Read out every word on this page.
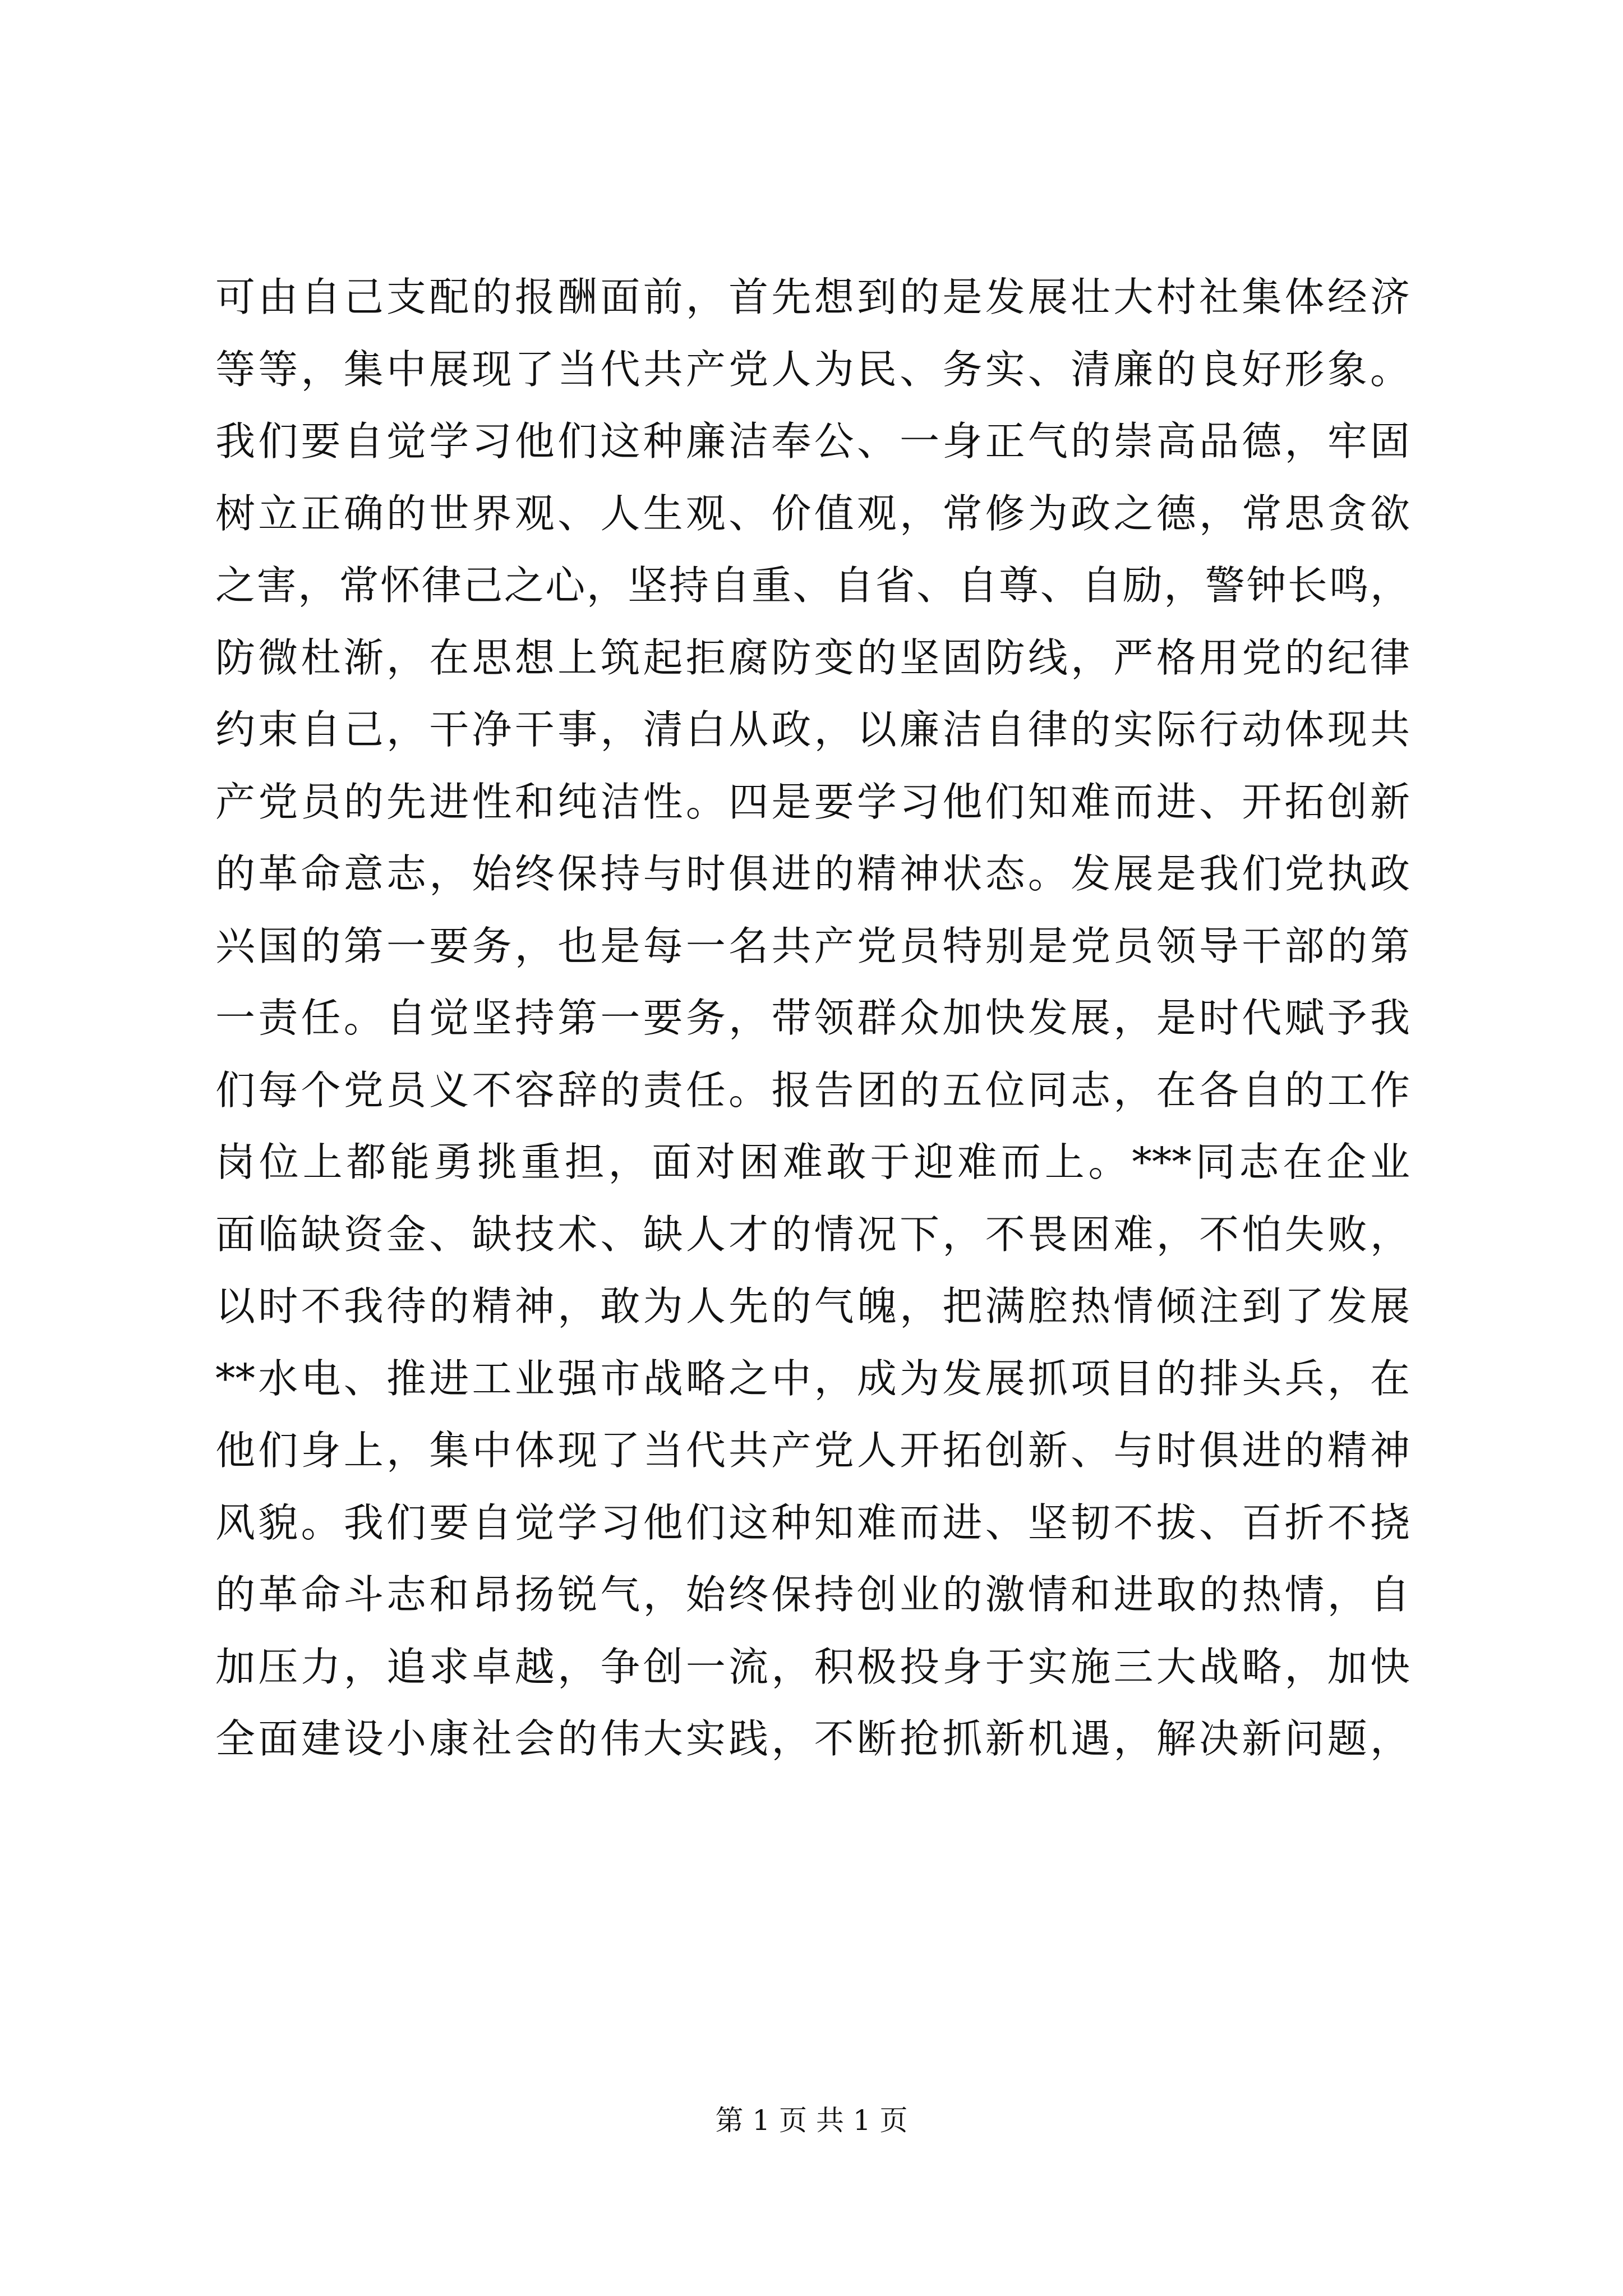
可由自己支配的报酬面前，首先想到的是发展壮大村社集体经济
等等，集中展现了当代共产党人为民、务实、清廉的良好形象。
我们要自觉学习他们这种廉洁奉公、一身正气的崇高品德，牢固
树立正确的世界观、人生观、价值观，常修为政之德，常思贪欲
之害，常怀律己之心，坚持自重、自省、自尊、自励，警钟长鸣，
防微杜渐，在思想上筑起拒腐防变的坚固防线，严格用党的纪律
约束自己，干净干事，清白从政，以廉洁自律的实际行动体现共
产党员的先进性和纯洁性。四是要学习他们知难而进、开拓创新
的革命意志，始终保持与时俱进的精神状态。发展是我们党执政
兴国的第一要务，也是每一名共产党员特别是党员领导干部的第
一责任。自觉坚持第一要务，带领群众加快发展，是时代赋予我
们每个党员义不容辞的责任。报告团的五位同志，在各自的工作
岗位上都能勇挑重担，面对困难敢于迎难而上。***同志在企业
面临缺资金、缺技术、缺人才的情况下，不畏困难，不怕失败，
以时不我待的精神，敢为人先的气魄，把满腔热情倾注到了发展
**水电、推进工业强市战略之中，成为发展抓项目的排头兵，在
他们身上，集中体现了当代共产党人开拓创新、与时俱进的精神
风貌。我们要自觉学习他们这种知难而进、坚韧不拔、百折不挠
的革命斗志和昂扬锐气，始终保持创业的激情和进取的热情，自
加压力，追求卓越，争创一流，积极投身于实施三大战略，加快
全面建设小康社会的伟大实践，不断抢抓新机遇，解决新问题，
第 1 页 共 1 页
